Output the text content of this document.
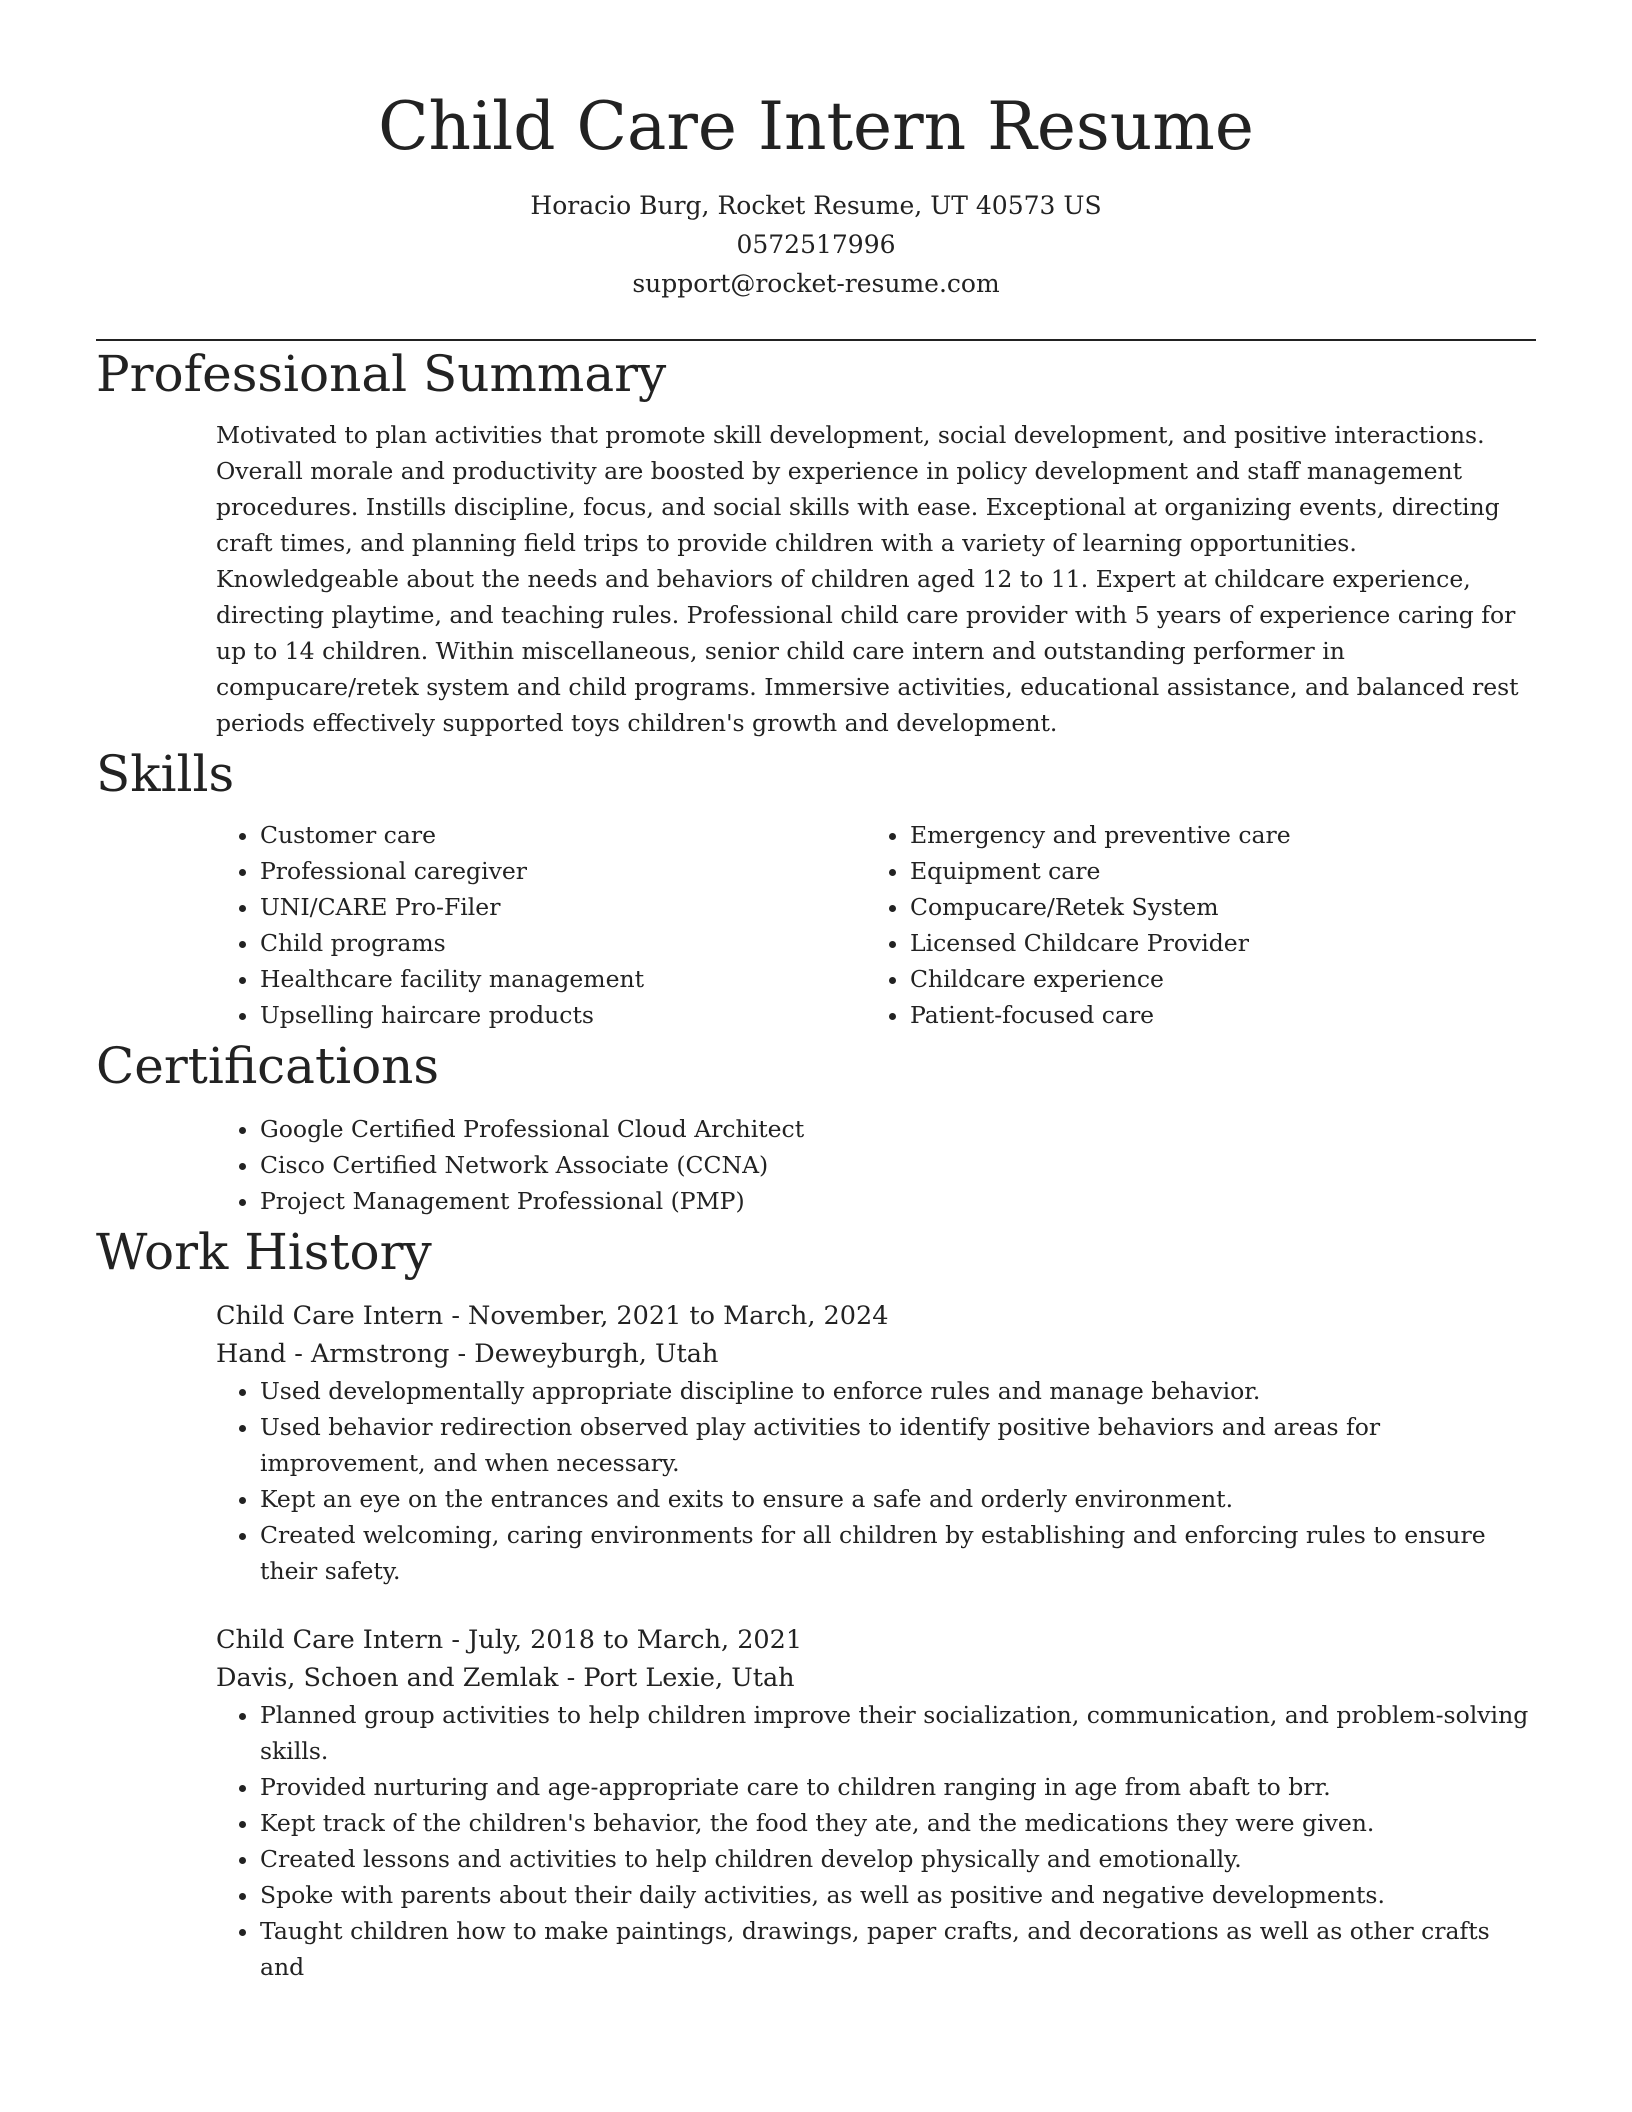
Child Care Intern Resume
Horacio Burg, Rocket Resume, UT 40573 US
0572517996
support@rocket-resume.com
Professional Summary
Motivated to plan activities that promote skill development, social development, and positive interactions. Overall morale and productivity are boosted by experience in policy development and staff management procedures. Instills discipline, focus, and social skills with ease. Exceptional at organizing events, directing craft times, and planning field trips to provide children with a variety of learning opportunities. Knowledgeable about the needs and behaviors of children aged 12 to 11. Expert at childcare experience, directing playtime, and teaching rules. Professional child care provider with 5 years of experience caring for up to 14 children. Within miscellaneous, senior child care intern and outstanding performer in compucare/retek system and child programs. Immersive activities, educational assistance, and balanced rest periods effectively supported toys children's growth and development.
Skills
• Customer care
• Professional caregiver
• UNI/CARE Pro-Filer
• Child programs
• Healthcare facility management
• Upselling haircare products
• Emergency and preventive care
• Equipment care
• Compucare/Retek System
• Licensed Childcare Provider
• Childcare experience
• Patient-focused care
Certifications
• Google Certified Professional Cloud Architect
• Cisco Certified Network Associate (CCNA)
• Project Management Professional (PMP)
Work History
Child Care Intern - November, 2021 to March, 2024
Hand - Armstrong - Deweyburgh, Utah
• Used developmentally appropriate discipline to enforce rules and manage behavior.
• Used behavior redirection observed play activities to identify positive behaviors and areas for improvement, and when necessary.
• Kept an eye on the entrances and exits to ensure a safe and orderly environment.
• Created welcoming, caring environments for all children by establishing and enforcing rules to ensure their safety.
Child Care Intern - July, 2018 to March, 2021
Davis, Schoen and Zemlak - Port Lexie, Utah
• Planned group activities to help children improve their socialization, communication, and problem-solving skills.
• Provided nurturing and age-appropriate care to children ranging in age from abaft to brr.
• Kept track of the children's behavior, the food they ate, and the medications they were given.
• Created lessons and activities to help children develop physically and emotionally.
• Spoke with parents about their daily activities, as well as positive and negative developments.
• Taught children how to make paintings, drawings, paper crafts, and decorations as well as other crafts and
